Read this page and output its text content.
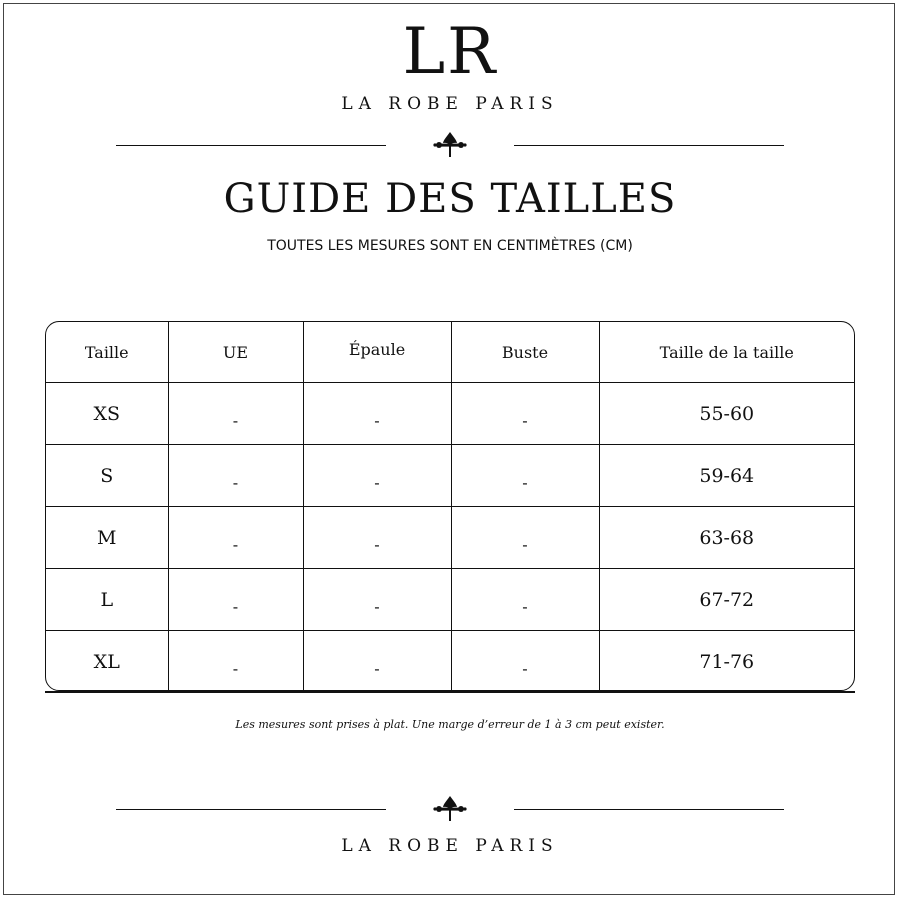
LR
LA ROBE PARIS
GUIDE DES TAILLES
TOUTES LES MESURES SONT EN CENTIMÈTRES (CM)
Taille	UE	Épaule	Buste	Taille de la taille
XS	$_-$	$_-$	$_-$	55-60
S	$_-$	$_-$	$_-$	59-64
M	$_-$	$_-$	$_-$	63-68
L	$_-$	$_-$	$_-$	67-72
XL	$_-$	$_-$	$_-$	71-76
Les mesures sont prises à plat. Une marge d’erreur de 1 à 3 cm peut exister.
LA ROBE PARIS
